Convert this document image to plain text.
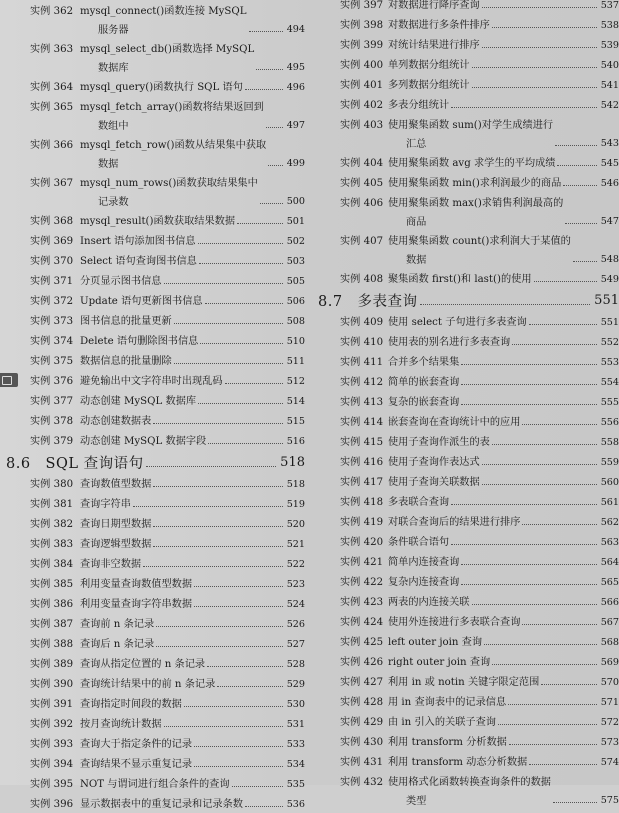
实例 362 mysql_connect()函数连接 MySQL
服务器	494
实例 363 mysql_select_db()函数选择 MySQL
数据库	495
实例 364 mysql_query()函数执行 SQL 语句	496
实例 365 mysql_fetch_array()函数将结果返回到
数组中	497
实例 366 mysql_fetch_row()函数从结果集中获取
数据	499
实例 367 mysql_num_rows()函数获取结果集中
记录数	500
实例 368 mysql_result()函数获取结果数据	501
实例 369 Insert 语句添加图书信息	502
实例 370 Select 语句查询图书信息	503
实例 371 分页显示图书信息	505
实例 372 Update 语句更新图书信息	506
实例 373 图书信息的批量更新	508
实例 374 Delete 语句删除图书信息	510
实例 375 数据信息的批量删除	511
实例 376 避免输出中文字符串时出现乱码	512
实例 377 动态创建 MySQL 数据库	514
实例 378 动态创建数据表	515
实例 379 动态创建 MySQL 数据字段	516
8.6　SQL 查询语句	518
实例 380 查询数值型数据	518
实例 381 查询字符串	519
实例 382 查询日期型数据	520
实例 383 查询逻辑型数据	521
实例 384 查询非空数据	522
实例 385 利用变量查询数值型数据	523
实例 386 利用变量查询字符串数据	524
实例 387 查询前 n 条记录	526
实例 388 查询后 n 条记录	527
实例 389 查询从指定位置的 n 条记录	528
实例 390 查询统计结果中的前 n 条记录	529
实例 391 查询指定时间段的数据	530
实例 392 按月查询统计数据	531
实例 393 查询大于指定条件的记录	533
实例 394 查询结果不显示重复记录	534
实例 395 NOT 与谓词进行组合条件的查询	535
实例 396 显示数据表中的重复记录和记录条数	536
实例 397 对数据进行降序查询	537
实例 398 对数据进行多条件排序	538
实例 399 对统计结果进行排序	539
实例 400 单列数据分组统计	540
实例 401 多列数据分组统计	541
实例 402 多表分组统计	542
实例 403 使用聚集函数 sum()对学生成绩进行
汇总	543
实例 404 使用聚集函数 avg 求学生的平均成绩	545
实例 405 使用聚集函数 min()求利润最少的商品	546
实例 406 使用聚集函数 max()求销售利润最高的
商品	547
实例 407 使用聚集函数 count()求利润大于某值的
数据	548
实例 408 聚集函数 first()和 last()的使用	549
8.7　多表查询	551
实例 409 使用 select 子句进行多表查询	551
实例 410 使用表的别名进行多表查询	552
实例 411 合并多个结果集	553
实例 412 简单的嵌套查询	554
实例 413 复杂的嵌套查询	555
实例 414 嵌套查询在查询统计中的应用	556
实例 415 使用子查询作派生的表	558
实例 416 使用子查询作表达式	559
实例 417 使用子查询关联数据	560
实例 418 多表联合查询	561
实例 419 对联合查询后的结果进行排序	562
实例 420 条件联合语句	563
实例 421 简单内连接查询	564
实例 422 复杂内连接查询	565
实例 423 两表的内连接关联	566
实例 424 使用外连接进行多表联合查询	567
实例 425 left outer join 查询	568
实例 426 right outer join 查询	569
实例 427 利用 in 或 notin 关键字限定范围	570
实例 428 用 in 查询表中的记录信息	571
实例 429 由 in 引入的关联子查询	572
实例 430 利用 transform 分析数据	573
实例 431 利用 transform 动态分析数据	574
实例 432 使用格式化函数转换查询条件的数据
类型	575
